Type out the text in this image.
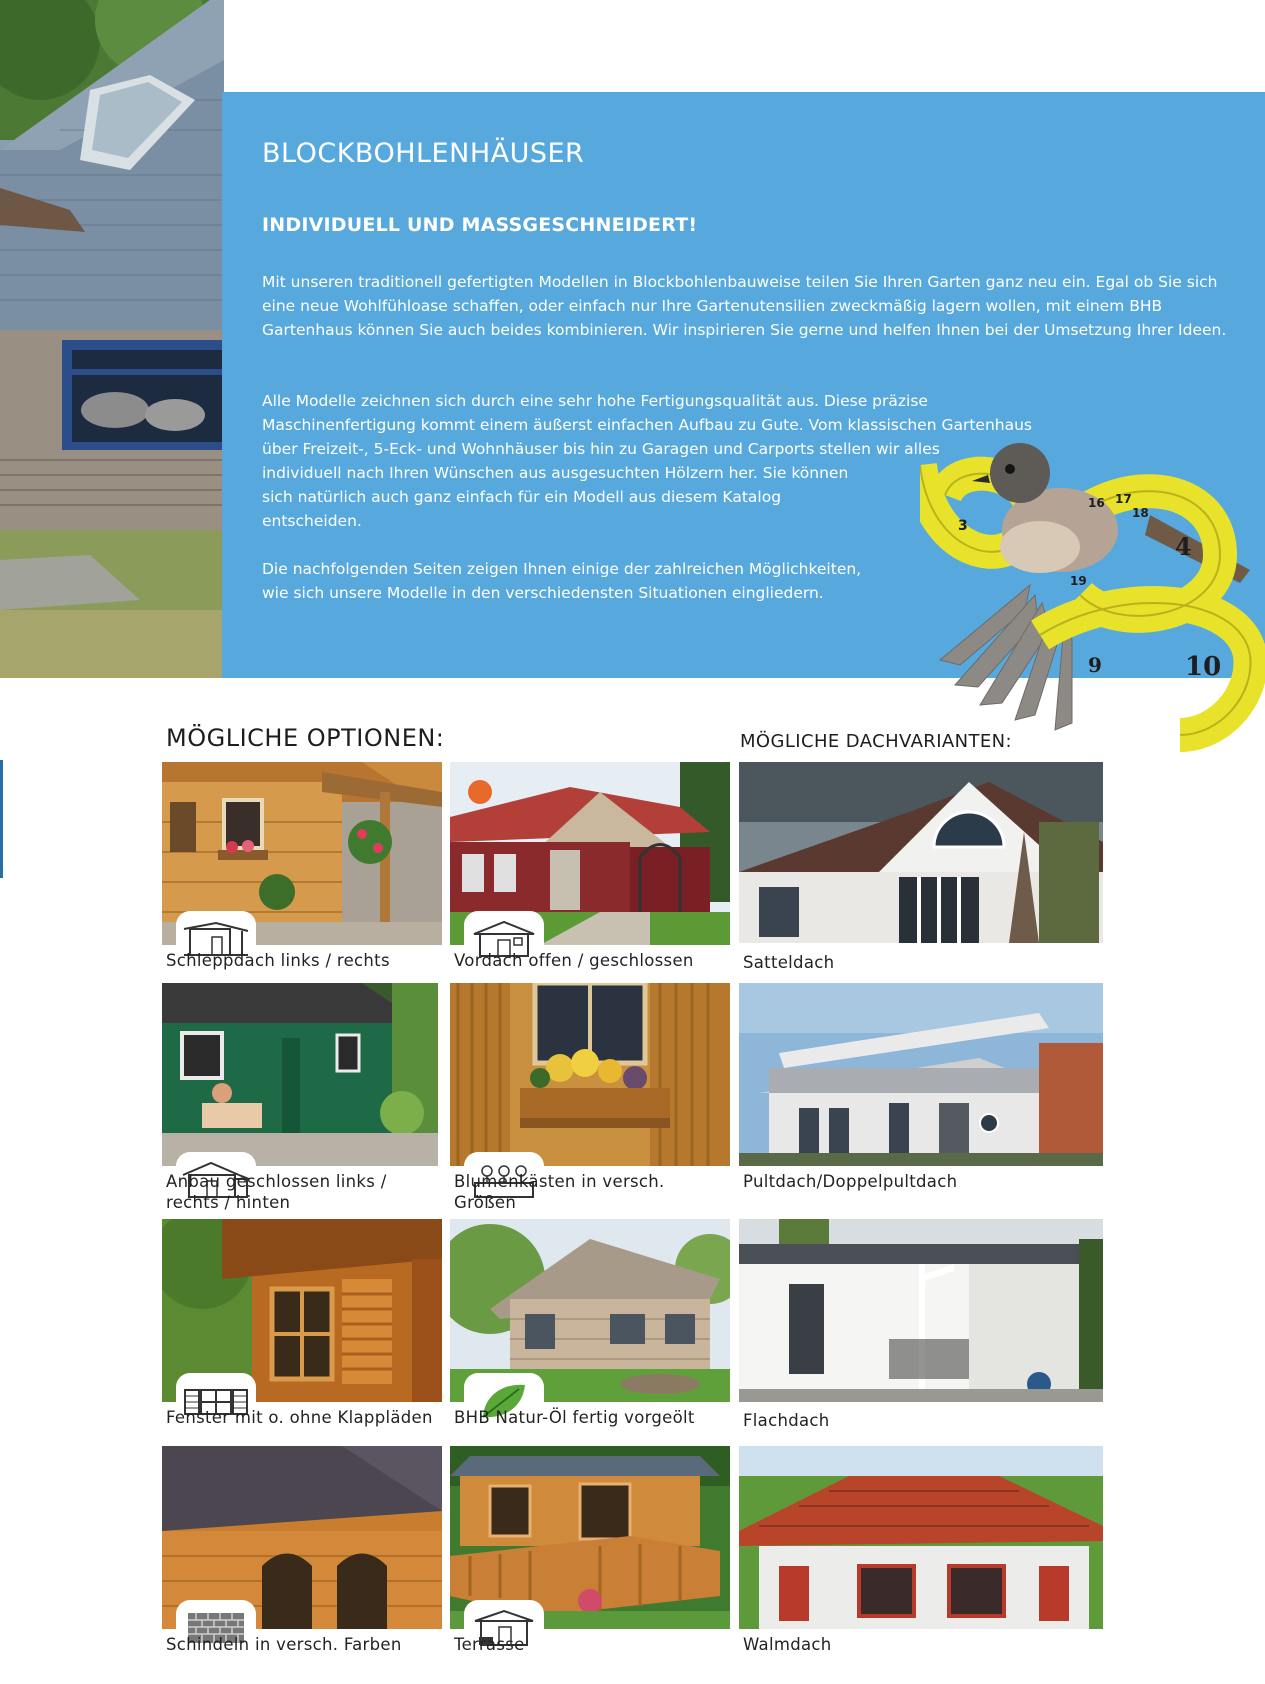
BLOCKBOHLENHÄUSER
INDIVIDUELL UND MASSGESCHNEIDERT!

Mit unseren traditionell gefertigten Modellen in Blockbohlenbauweise teilen Sie Ihren Garten ganz neu ein. Egal ob Sie sich eine neue Wohlfühloase schaffen, oder einfach nur Ihre Gartenutensilien zweckmäßig lagern wollen, mit einem BHB Gartenhaus können Sie auch beides kombinieren. Wir inspirieren Sie gerne und helfen Ihnen bei der Umsetzung Ihrer Ideen.

Alle Modelle zeichnen sich durch eine sehr hohe Fertigungsqualität aus. Diese präzise
Maschinenfertigung kommt einem äußerst einfachen Aufbau zu Gute. Vom klassischen Gartenhaus
über Freizeit-, 5-Eck- und Wohnhäuser bis hin zu Garagen und Carports stellen wir alles
individuell nach Ihren Wünschen aus ausgesuchten Hölzern her. Sie können
sich natürlich auch ganz einfach für ein Modell aus diesem Katalog
entscheiden.

Die nachfolgenden Seiten zeigen Ihnen einige der zahlreichen Möglichkeiten,
wie sich unsere Modelle in den verschiedensten Situationen eingliedern.

3
4
16 17
18
19
9	10
MÖGLICHE OPTIONEN:	MÖGLICHE DACHVARIANTEN:
Schleppdach links / rechts	Vordach offen / geschlossen	Satteldach
Anbau geschlossen links / rechts / hinten
Blumenkästen in versch. Größen
Pultdach/Doppelpultdach
Fenster mit o. ohne Klappläden BHB Natur-Öl fertig vorgeölt	Flachdach
Schindeln in versch. Farben	Terrasse	Walmdach
